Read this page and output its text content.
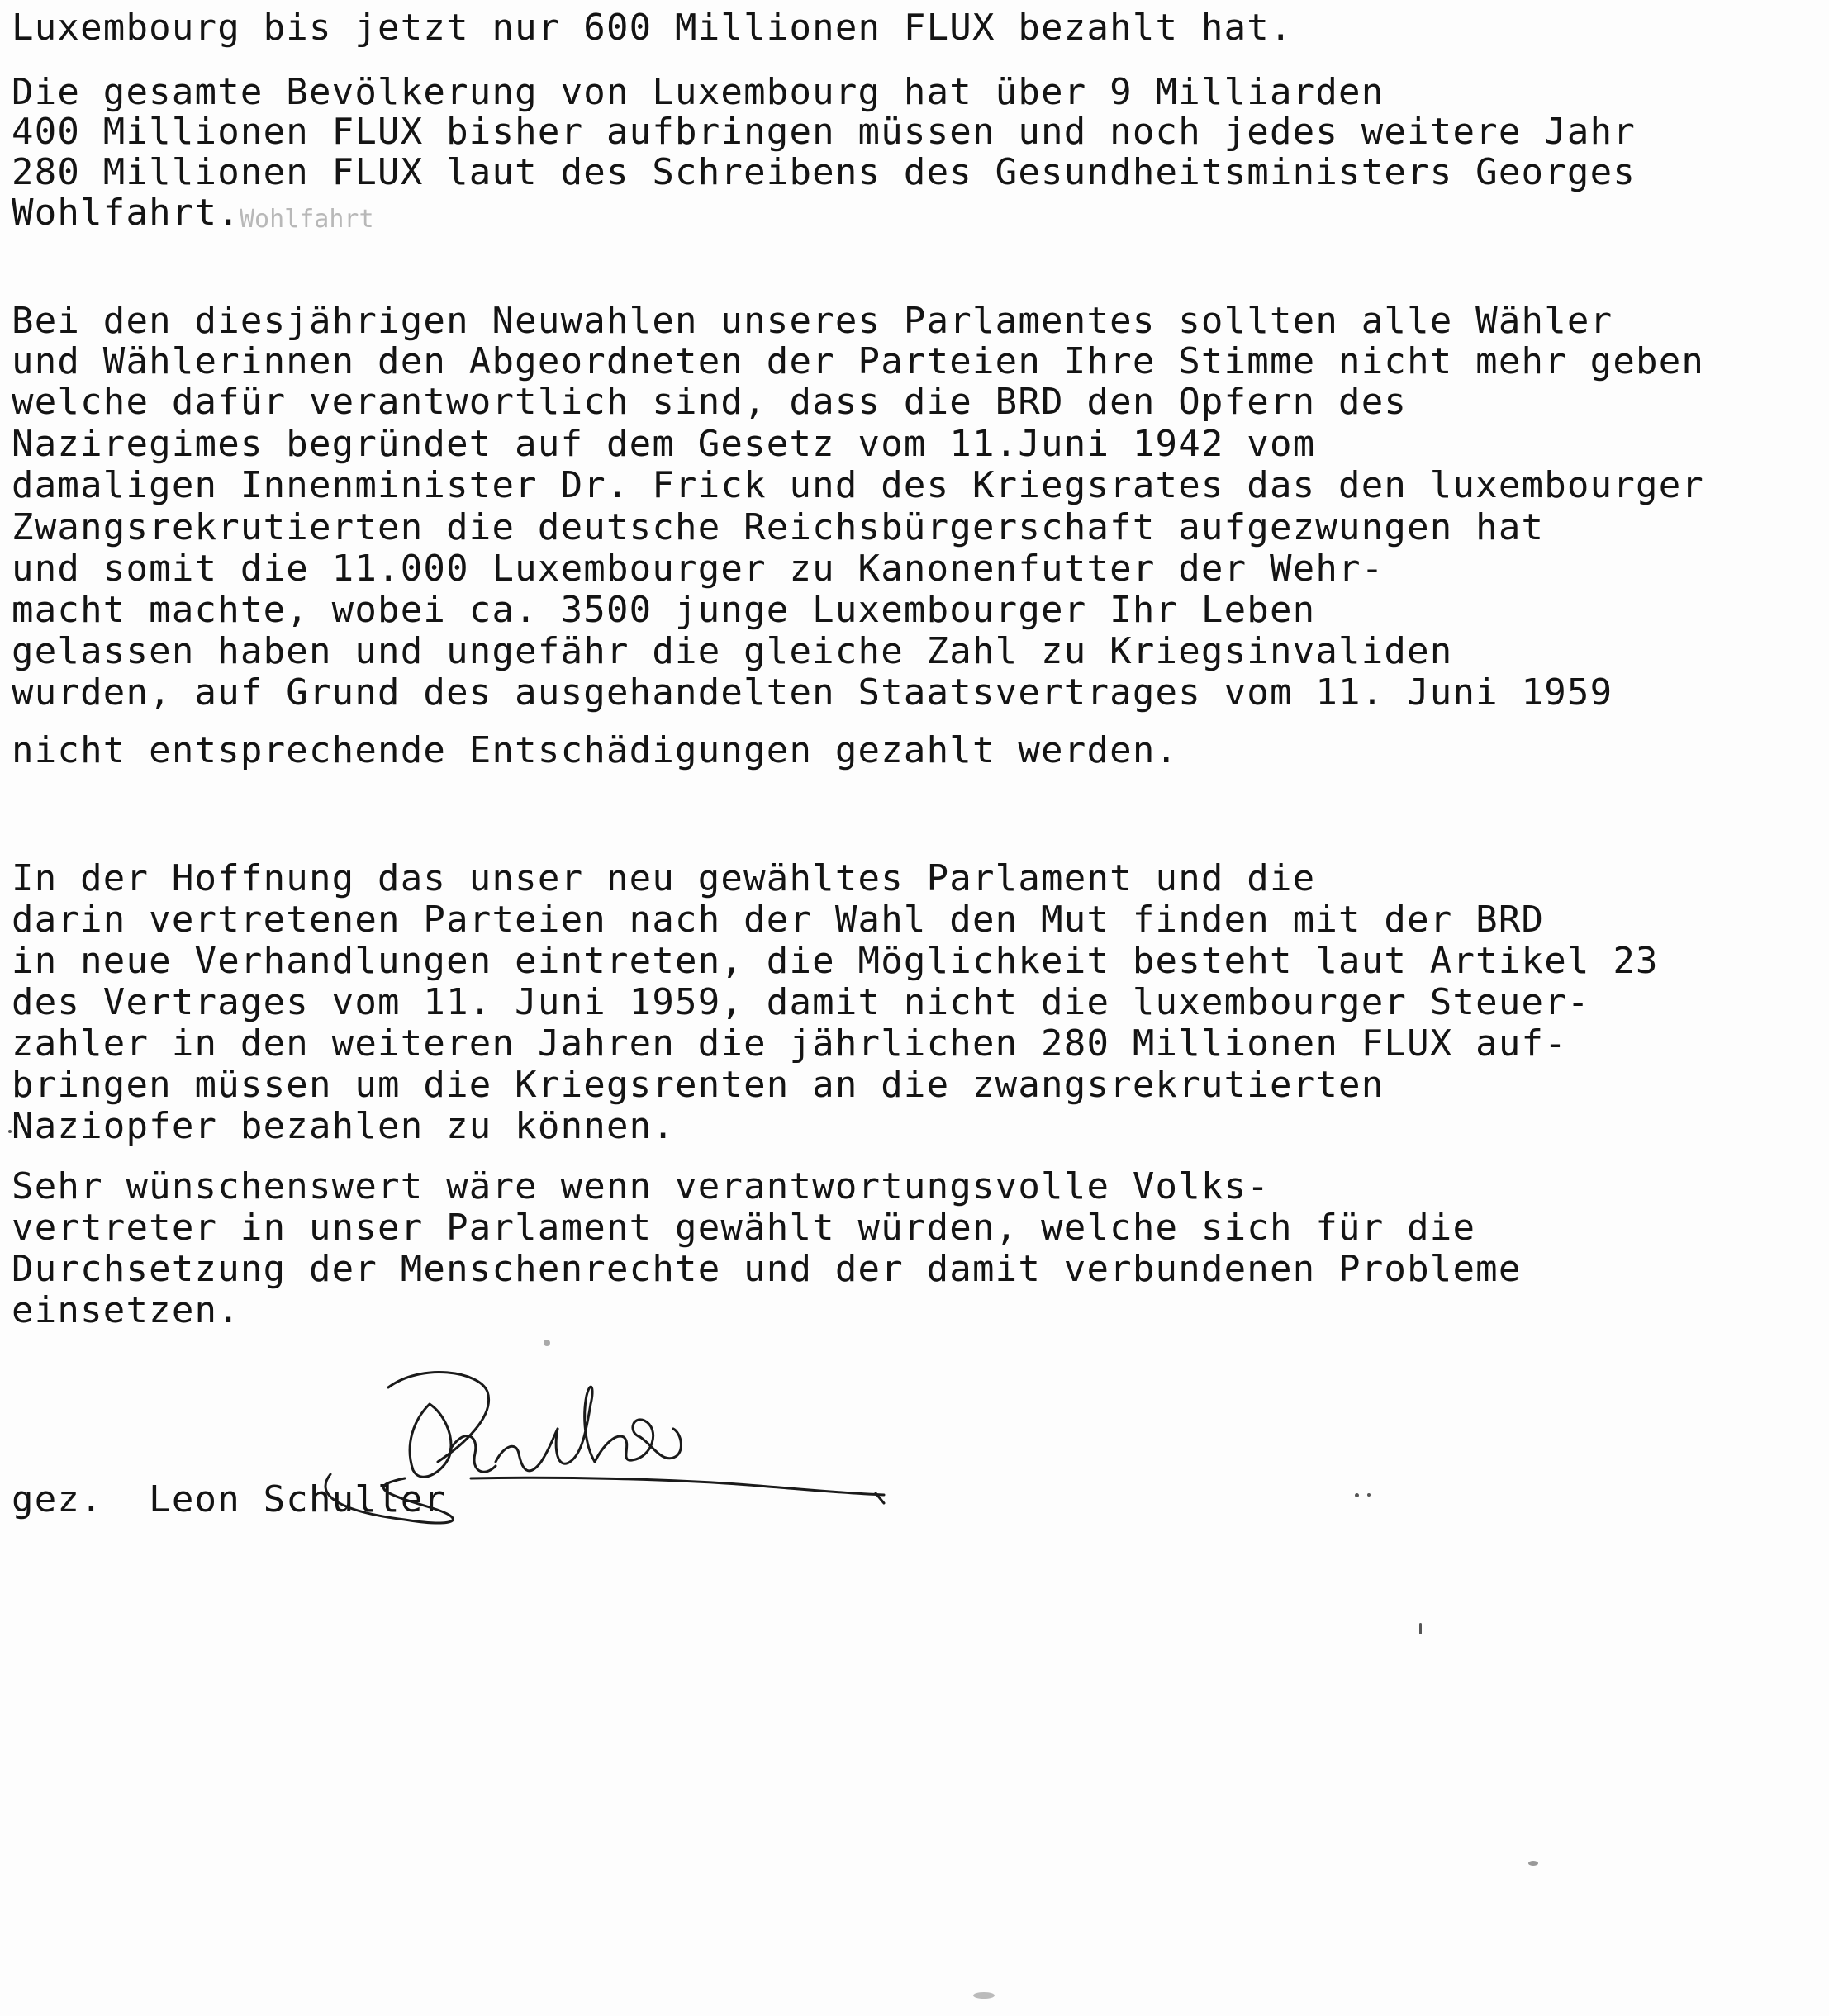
Luxembourg bis jetzt nur 600 Millionen FLUX bezahlt hat.

Die gesamte Bevölkerung von Luxembourg hat über 9 Milliarden

400 Millionen FLUX bisher aufbringen müssen und noch jedes weitere Jahr

280 Millionen FLUX laut des Schreibens des Gesundheitsministers Georges

Wohlfahrt. Wohlfahrt

Bei den diesjährigen Neuwahlen unseres Parlamentes sollten alle Wähler

und Wählerinnen den Abgeordneten der Parteien Ihre Stimme nicht mehr geben

welche dafür verantwortlich sind, dass die BRD den Opfern des

Naziregimes begründet auf dem Gesetz vom 11.Juni 1942 vom

damaligen Innenminister Dr. Frick und des Kriegsrates das den luxembourger

Zwangsrekrutierten die deutsche Reichsbürgerschaft aufgezwungen hat

und somit die 11.000 Luxembourger zu Kanonenfutter der Wehr-

macht machte, wobei ca. 3500 junge Luxembourger Ihr Leben

gelassen haben und ungefähr die gleiche Zahl zu Kriegsinvaliden

wurden, auf Grund des ausgehandelten Staatsvertrages vom 11. Juni 1959

nicht entsprechende Entschädigungen gezahlt werden.

In der Hoffnung das unser neu gewähltes Parlament und die

darin vertretenen Parteien nach der Wahl den Mut finden mit der BRD

in neue Verhandlungen eintreten, die Möglichkeit besteht laut Artikel 23

des Vertrages vom 11. Juni 1959, damit nicht die luxembourger Steuer-

zahler in den weiteren Jahren die jährlichen 280 Millionen FLUX auf-

bringen müssen um die Kriegsrenten an die zwangsrekrutierten

Naziopfer bezahlen zu können.

Sehr wünschenswert wäre wenn verantwortungsvolle Volks-

vertreter in unser Parlament gewählt würden, welche sich für die

Durchsetzung der Menschenrechte und der damit verbundenen Probleme

einsetzen.

gez.  Leon Schuller
